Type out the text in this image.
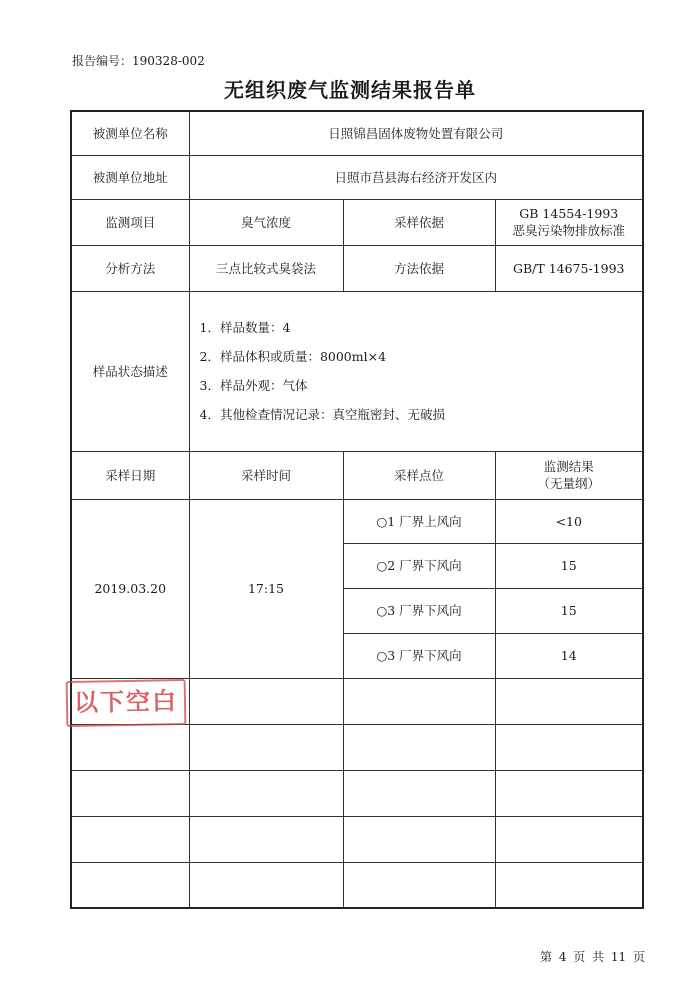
报告编号：190328-002
无组织废气监测结果报告单
被测单位名称	日照锦昌固体废物处置有限公司		
被测单位地址	日照市莒县海右经济开发区内		
监测项目	臭气浓度	采样依据	GB 14554-1993
恶臭污染物排放标准

分析方法	三点比较式臭袋法	方法依据	GB/T 14675-1993
样品状态描述	1．样品数量：4
2．样品体积或质量：8000ml×4
3．样品外观：气体
4．其他检查情况记录：真空瓶密封、无破损		

采样日期	采样时间	采样点位	监测结果
（无量纲）

2019.03.20	17:15	○1 厂界上风向	<10
		○2 厂界下风向	15
		○3 厂界下风向	15
		○3 厂界下风向	14

以下空白
第 4 页 共 11 页
